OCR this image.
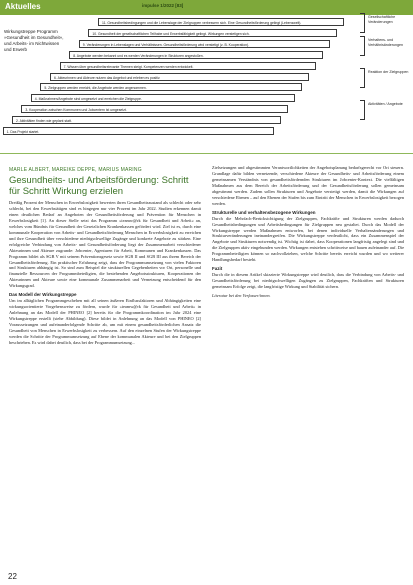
Aktuelles	impulse 1/2022 [83]
Wirkungstreppe Programm »Gesundheit im Gesundheit«, und Arbeits- im Nichtwissen und Erwerb
11. Gesundheitsbedingungen und die Lebenslage der Zielgruppen verbessern sich. Eine Gesundheitsförderung gelingt (Lebenswelt).
10. Gesundheit der gesellschaftlichen Teilhabe und Erwerbsfähigkeit gelingt. Wirkungen verstetigen sich.
9. Veränderungen in Lebenslagen und Verhältnissen. Gesundheitsförderung wird verstetigt (z. B. Kooperation).
8. Angebote werden bekannt und es werden Veränderungen in Strukturen angestoßen.
7. Wissen über gesundheitsrelevante Themen steigt. Kompetenzen werden entwickelt.
6. Akteurinnen und Akteure nutzen das Angebot und erleben es positiv.
5. Zielgruppen werden erreicht, die Angebote werden angenommen.
4. Maßnahmen/Angebote sind umgesetzt und erreichen die Zielgruppe.
3. Kooperation zwischen Kommunen und Jobcentern ist umgesetzt.
2. Aktivitäten finden wie geplant statt.
1. Das Projekt startet.
Gesellschaftliche Veränderungen
Verhaltens- und Verhältnisänderungen
Reaktion der Zielgruppen
Aktivitäten / Angebote
MARLE ALBERT, MAREIKE DEPPE, MARIUS MARING
Gesundheits- und Arbeitsförderung: Schritt für Schritt Wirkung erzielen

Dreißig Prozent der Menschen in Erwerbslosigkeit bewerten ihren Gesundheitszustand als schlecht oder sehr schlecht, bei den Erwerbstätigen sind es hingegen nur vier Prozent im Jahr 2022. Studien erkennen damit einen deutlichen Bedarf an Angeboten der Gesundheitsförderung und Prävention für Menschen in Erwerbslosigkeit [1]. An dieser Stelle setzt das Programm »teamw@rk für Gesundheit und Arbeit« an, welches vom Bündnis für Gesundheit der Gesetzlichen Krankenkassen gefördert wird. Ziel ist es, durch eine kommunale Kooperation von Arbeits- und Gesundheitsförderung Menschen in Erwerbslosigkeit zu erreichen und ihre Gesundheit über verschiedene niedrigschwellige Zugänge und konkrete Angebote zu stärken. Eine erfolgreiche Verbindung von Arbeits- und Gesundheitsförderung liegt der Zusammenarbeit verschiedener Akteurinnen und Akteure zugrunde: Jobcenter, Agenturen für Arbeit, Kommunen und Krankenkassen. Das Programm bildet als SGB V mit seinem Präventionsgesetz sowie SGB II und SGB III aus ihrem Bereich der Gesundheitsförderung. Ein praktischer Erfahrung zeigt, dass der Programmumsetzung von vielen Faktoren und Strukturen abhängig ist. So sind zum Beispiel die strukturellen Gegebenheiten vor Ort, personelle und finanzielle Ressourcen der Programmbeteiligten, die bestehenden Angebotsstrukturen, Kooperationen der Akteurinnen und Akteure sowie eine kommunale Zusammenarbeit und Vernetzung entscheidend für den Wirkungsgrad.

Das Modell der Wirkungstreppe

Um im alltäglichen Programmgeschehen mit all seinen äußeren Einflussfaktoren und Abhängigkeiten eine wirkungsorientierte Vorgehensweise zu fördern, wurde für »teamw@rk für Gesundheit und Arbeit« in Anlehnung an das Modell der PHINEO [2] bereits für die Programmkoordination im Jahr 2024 eine Wirkungstreppe erstellt (siehe Abbildung). Diese bildet in Anlehnung an das Modell von PHINEO [2] Voraussetzungen und aufeinanderfolgende Schritte ab, um mit einem gesundheitsförderlichen Ansatz die Gesundheit von Menschen in Erwerbslosigkeit zu verbessern. Auf den einzelnen Stufen der Wirkungstreppe werden die Schritte der Programmumsetzung auf Ebene der kommunalen Akteure und bei den Zielgruppen beschrieben. Es wird dabei deutlich, dass bei der Programmumsetzung...

Zielsetzungen und abgestimmten Verantwortlichkeiten der Angebotsplanung bedarfsgerecht vor Ort steuern. Grundlage dafür bilden vernetzende, verschiedene Akteure der Gesundheits- und Arbeitsförderung einem gemeinsamen Verständnis von gesundheitsfördernden Strukturen im Jobcenter-Kontext. Die vielfältigen Maßnahmen aus dem Bereich der Arbeitsförderung und der Gesundheitsförderung sollen gemeinsam abgestimmt werden. Zudem sollen Strukturen und Angebote verstetigt werden, damit die Wirkungen auf verschiedene Ebenen – auf den Ebenen der Stufen bis zum Eintritt der Menschen in Erwerbslosigkeit bezogen werden.

Strukturelle und verhaltensbezogene Wirkungen

Durch die Mehrfach-Berücksichtigung der Zielgruppen, Fachkräfte und Strukturen werden dadurch Gesundheitsbedingungen und Arbeitsbedingungen für Zielgruppen neu gestaltet. Durch das Modell der Wirkungstreppe werden Maßnahmen entworfen, bei denen individuelle Verhaltensänderungen und Strukturveränderungen ineinandergreifen. Die Wirkungstreppe verdeutlicht, dass ein Zusammenspiel der Angebote und Strukturen notwendig ist. Wichtig ist dabei, dass Kooperationen langfristig angelegt sind und die Zielgruppen aktiv eingebunden werden. Wirkungen entstehen schrittweise und bauen aufeinander auf. Die Programmbeteiligten können so nachvollziehen, welche Schritte bereits erreicht wurden und wo weiterer Handlungsbedarf besteht.

Fazit

Durch die in diesem Artikel skizzierte Wirkungstreppe wird deutlich, dass die Verbindung von Arbeits- und Gesundheitsförderung bei niedrigschwelligen Zugängen zu Zielgruppen, Fachkräften und Strukturen gemeinsam Erfolge zeigt, die langfristige Wirkung und Stabilität sichern.

Literatur bei den Verfasser/innen.

22
